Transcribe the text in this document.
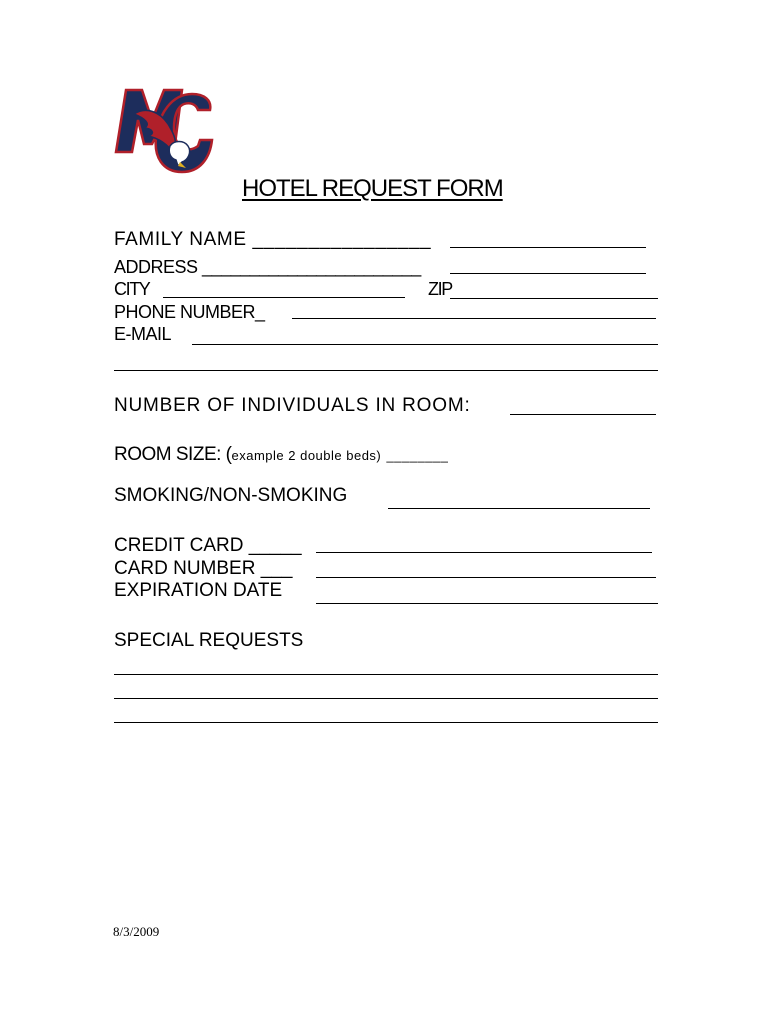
HOTEL REQUEST FORM
FAMILY NAME ________________
ADDRESS _______________________
CITY	ZIP
PHONE NUMBER_
E-MAIL
NUMBER OF INDIVIDUALS IN ROOM:
ROOM SIZE: (example 2 double beds) ________
SMOKING/NON-SMOKING
CREDIT CARD _____
CARD NUMBER ___
EXPIRATION DATE
SPECIAL REQUESTS
8/3/2009
